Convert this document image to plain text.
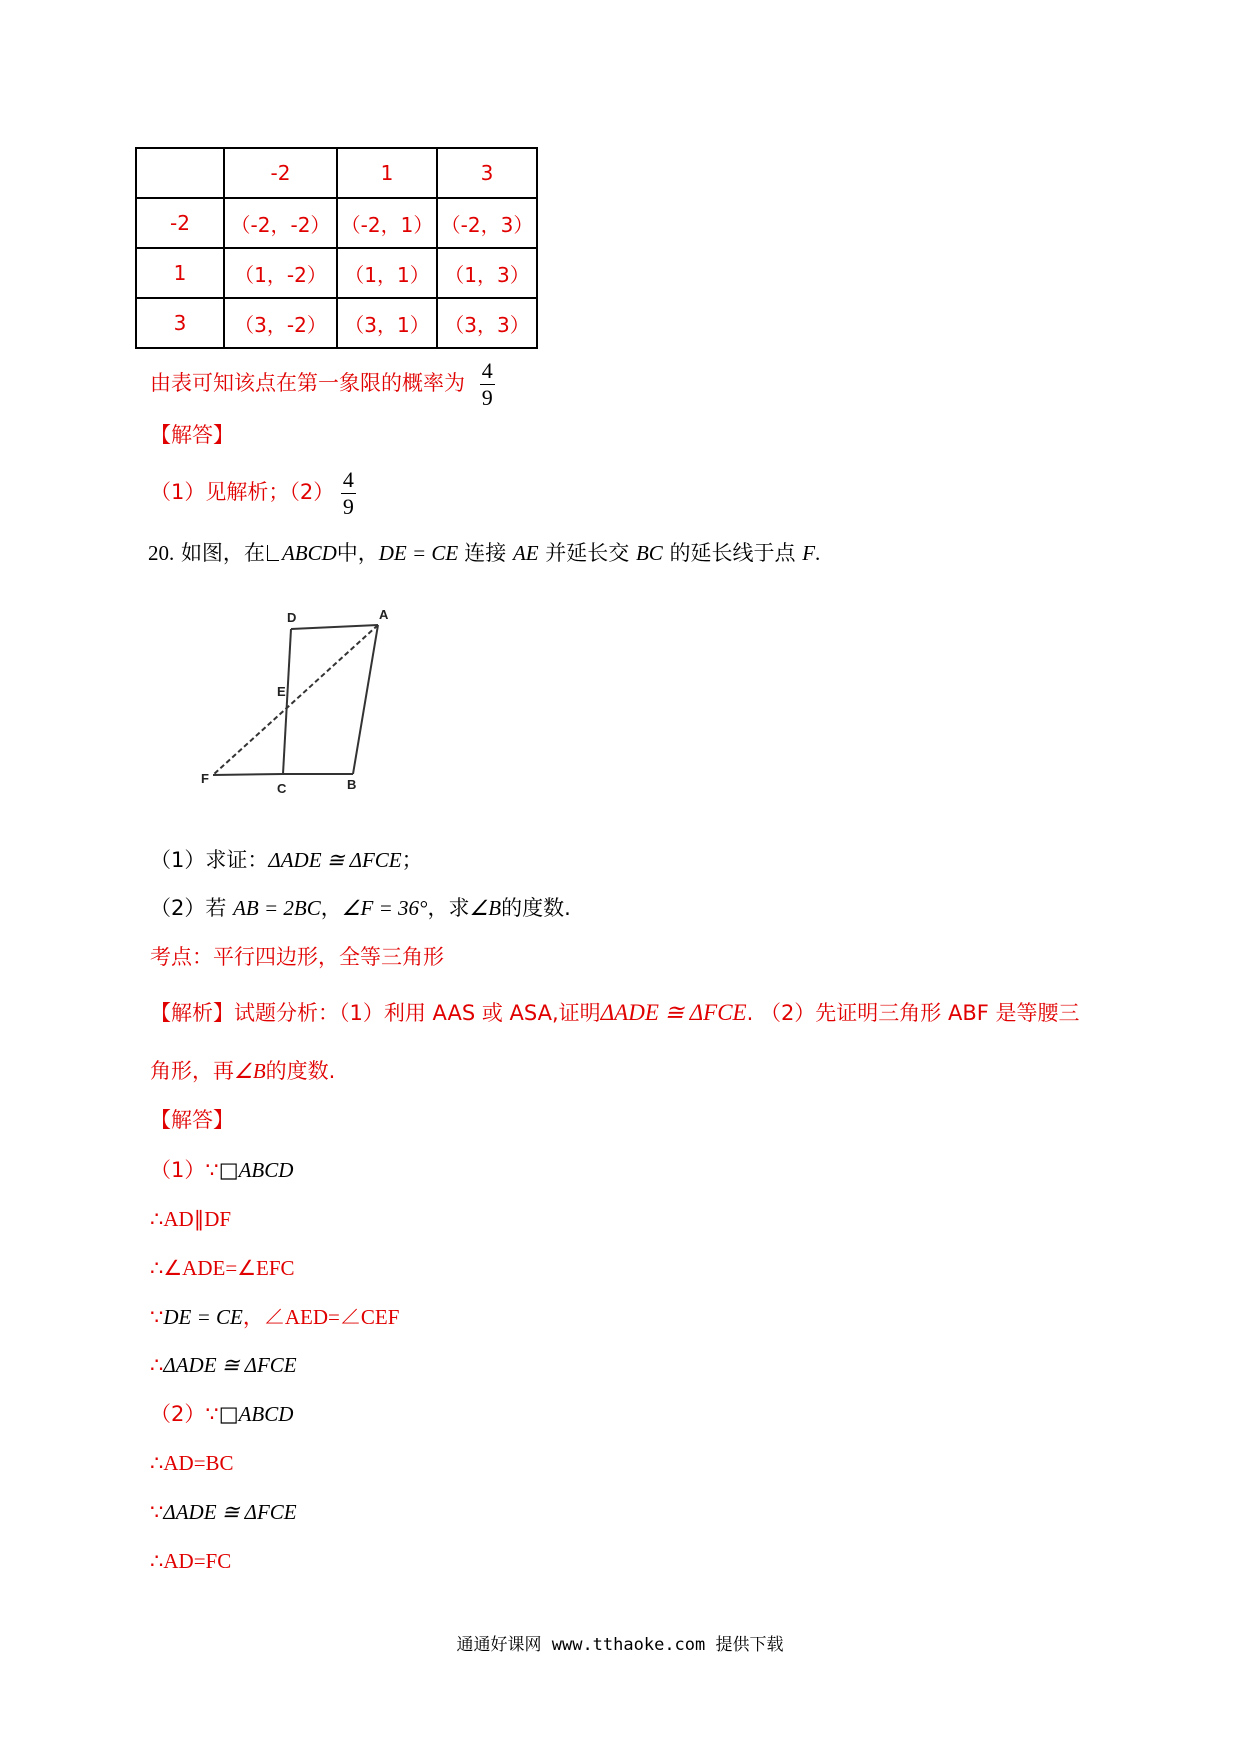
	-2	1	3
-2	（-2，-2）	（-2，1）	（-2，3）
1	（1，-2）	（1，1）	（1，3）
3	（3，-2）	（3，1）	（3，3）
由表可知该点在第一象限的概率为 $\frac{4}{9}$
【解答】
（1）见解析；$(2) \frac{4}{9}$
20. 如图，在 ABCD中，DE = CE 连接 AE 并延长交 BC 的延长线于点 F.
D	A
E
F
C	B
（1）求证：ΔADE ≅ ΔFCE；
（2）若 AB = 2BC，∠F = 36°，求∠B的度数.
考点：平行四边形，全等三角形
【解析】试题分析：（1）利用 AAS 或 ASA,证明ΔADE ≅ ΔFCE. （2）先证明三角形 ABF 是等腰三
角形，再∠B的度数.
【解答】
（1）∵□ABCD
∴AD∥DF
∴∠ADE=∠EFC
∵DE = CE，∠AED=∠CEF
∴ΔADE ≅ ΔFCE
（2）∵□ABCD
∴AD=BC
∵ΔADE ≅ ΔFCE
∴AD=FC
通通好课网 www.tthaoke.com 提供下载
